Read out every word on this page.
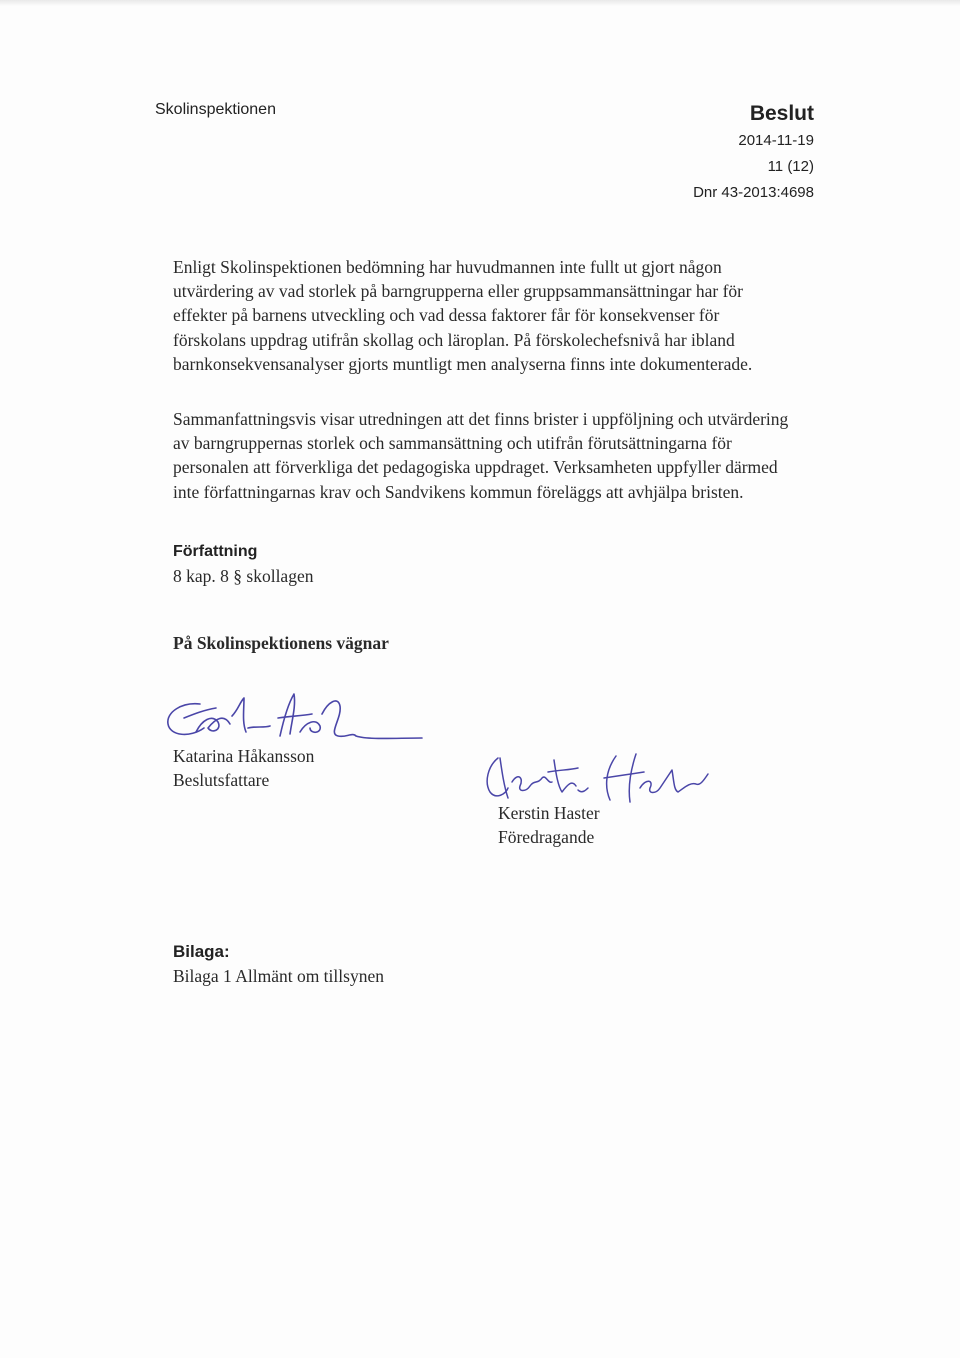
Skolinspektionen	Beslut
2014-11-19
11 (12)
Dnr 43-2013:4698

Enligt Skolinspektionen bedömning har huvudmannen inte fullt ut gjort någon utvärdering av vad storlek på barngrupperna eller gruppsammansättningar har för effekter på barnens utveckling och vad dessa faktorer får för konsekvenser för förskolans uppdrag utifrån skollag och läroplan. På förskolechefsnivå har ibland barnkonsekvensanalyser gjorts muntligt men analyserna finns inte dokumenterade.

Sammanfattningsvis visar utredningen att det finns brister i uppföljning och utvärdering av barngruppernas storlek och sammansättning och utifrån förutsättningarna för personalen att förverkliga det pedagogiska uppdraget. Verksamheten uppfyller därmed inte författningarnas krav och Sandvikens kommun föreläggs att avhjälpa bristen.

Författning
8 kap. 8 § skollagen
På Skolinspektionens vägnar
Katarina Håkansson
Beslutsfattare
Kerstin Haster
Föredragande
Bilaga:
Bilaga 1 Allmänt om tillsynen
